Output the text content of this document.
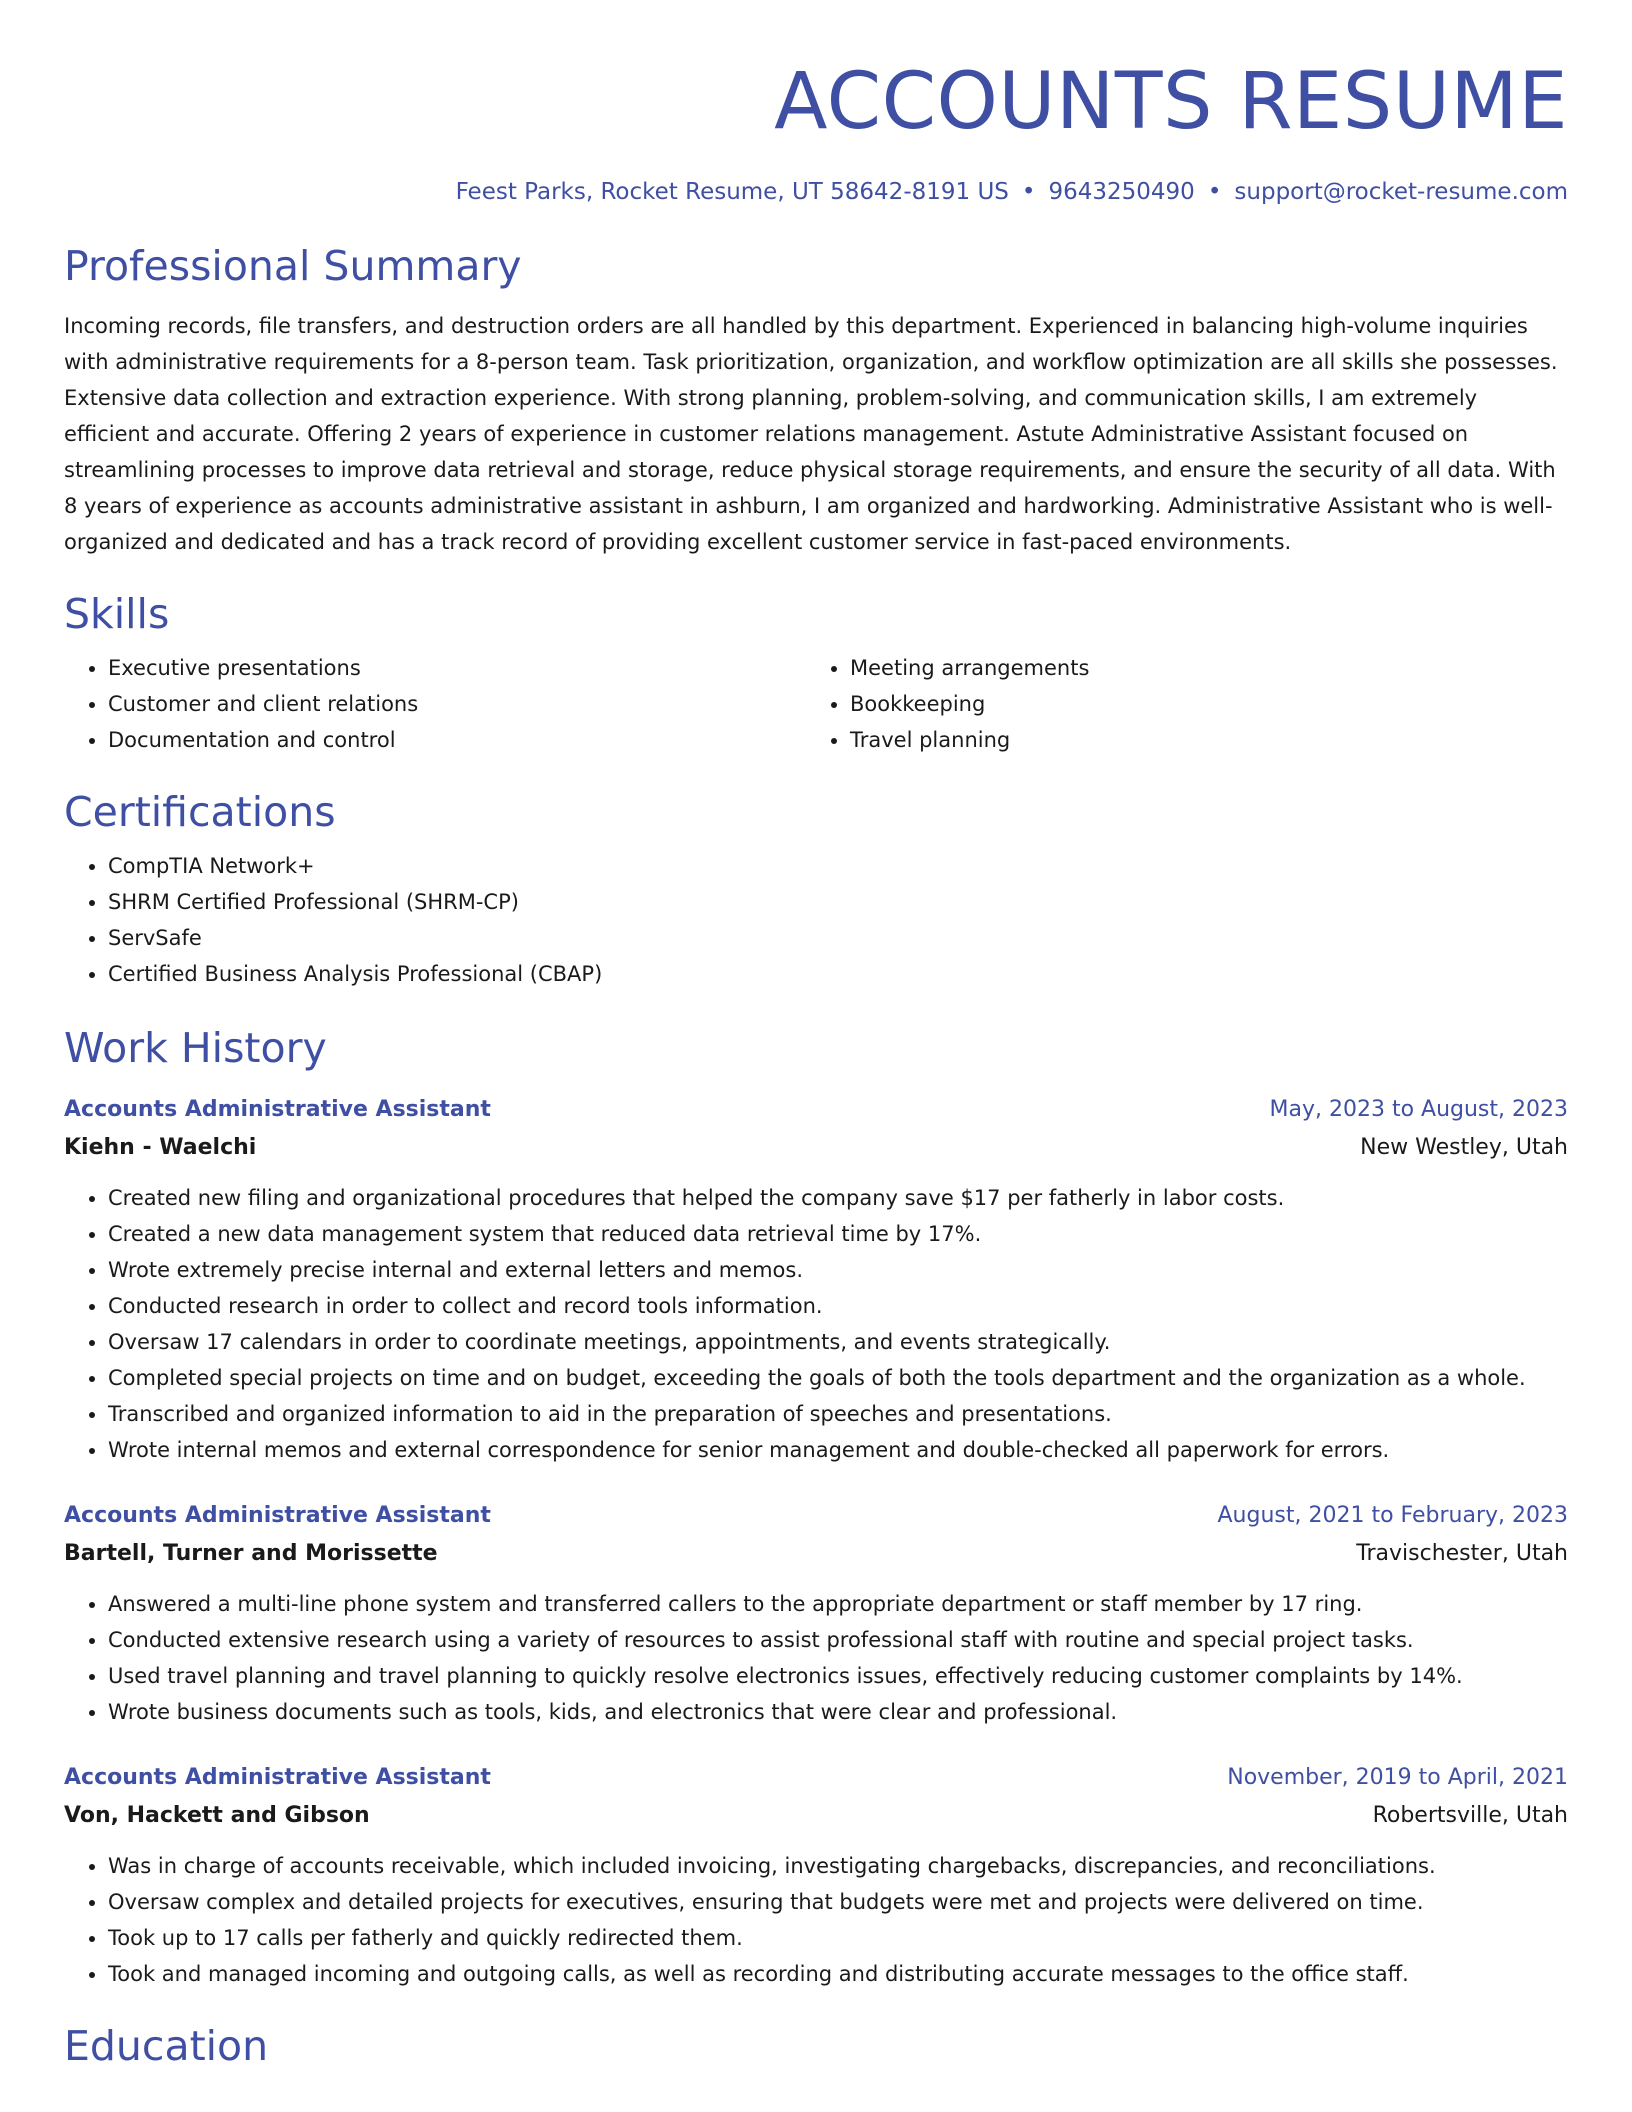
ACCOUNTS RESUME
Feest Parks, Rocket Resume, UT 58642-8191 US • 9643250490 • support@rocket-resume.com
Professional Summary

Incoming records, file transfers, and destruction orders are all handled by this department. Experienced in balancing high-volume inquiries with administrative requirements for a 8-person team. Task prioritization, organization, and workflow optimization are all skills she possesses. Extensive data collection and extraction experience. With strong planning, problem-solving, and communication skills, I am extremely efficient and accurate. Offering 2 years of experience in customer relations management. Astute Administrative Assistant focused on streamlining processes to improve data retrieval and storage, reduce physical storage requirements, and ensure the security of all data. With 8 years of experience as accounts administrative assistant in ashburn, I am organized and hardworking. Administrative Assistant who is well-organized and dedicated and has a track record of providing excellent customer service in fast-paced environments.

Skills
• Executive presentations
• Customer and client relations
• Documentation and control
• Meeting arrangements
• Bookkeeping
• Travel planning
Certifications
• CompTIA Network+
• SHRM Certified Professional (SHRM-CP)
• ServSafe
• Certified Business Analysis Professional (CBAP)
Work History
Accounts Administrative Assistant	May, 2023 to August, 2023
Kiehn - Waelchi	New Westley, Utah
• Created new filing and organizational procedures that helped the company save $17 per fatherly in labor costs.
• Created a new data management system that reduced data retrieval time by 17%.
• Wrote extremely precise internal and external letters and memos.
• Conducted research in order to collect and record tools information.
• Oversaw 17 calendars in order to coordinate meetings, appointments, and events strategically.
• Completed special projects on time and on budget, exceeding the goals of both the tools department and the organization as a whole.
• Transcribed and organized information to aid in the preparation of speeches and presentations.
• Wrote internal memos and external correspondence for senior management and double-checked all paperwork for errors.
Accounts Administrative Assistant	August, 2021 to February, 2023
Bartell, Turner and Morissette	Travischester, Utah
• Answered a multi-line phone system and transferred callers to the appropriate department or staff member by 17 ring.
• Conducted extensive research using a variety of resources to assist professional staff with routine and special project tasks.
• Used travel planning and travel planning to quickly resolve electronics issues, effectively reducing customer complaints by 14%.
• Wrote business documents such as tools, kids, and electronics that were clear and professional.
Accounts Administrative Assistant	November, 2019 to April, 2021
Von, Hackett and Gibson	Robertsville, Utah
• Was in charge of accounts receivable, which included invoicing, investigating chargebacks, discrepancies, and reconciliations.
• Oversaw complex and detailed projects for executives, ensuring that budgets were met and projects were delivered on time.
• Took up to 17 calls per fatherly and quickly redirected them.
• Took and managed incoming and outgoing calls, as well as recording and distributing accurate messages to the office staff.
Education
